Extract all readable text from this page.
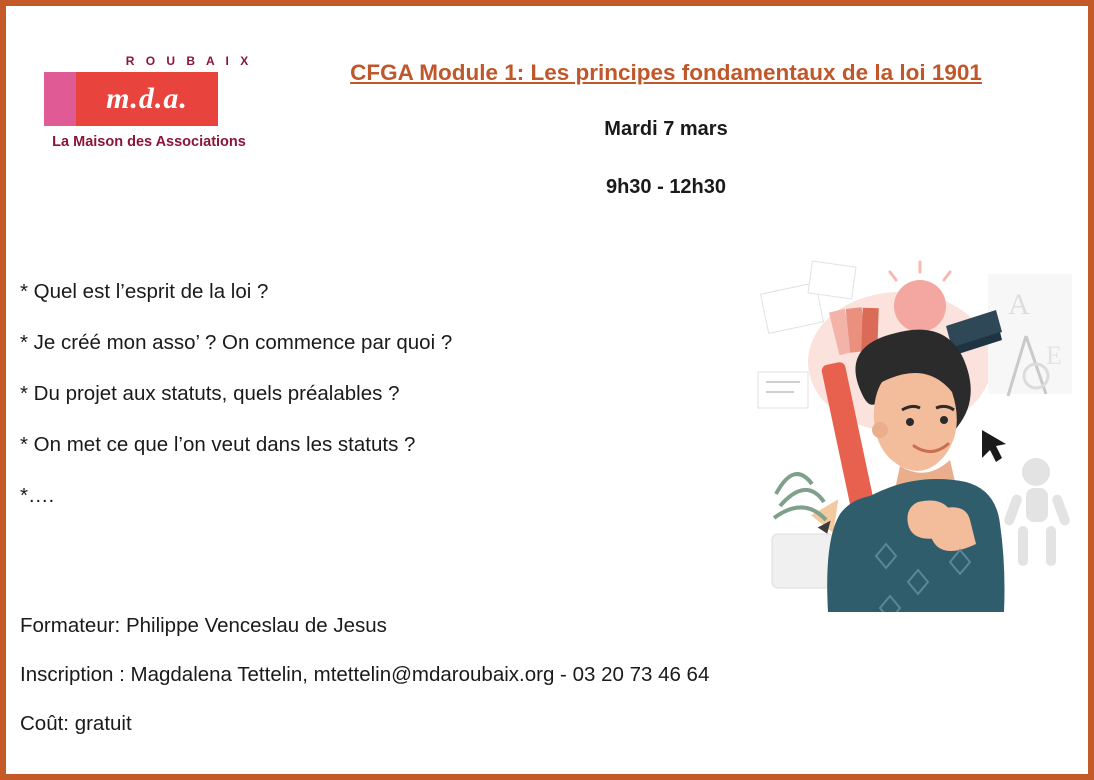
R O U B A I X
m.d.a.
La Maison des Associations
CFGA Module 1: Les principes fondamentaux de la loi 1901
Mardi 7 mars
9h30 - 12h30
* Quel est l’esprit de la loi ?
* Je créé mon asso’ ? On commence par quoi ?
* Du projet aux statuts, quels préalables ?
* On met ce que l’on veut dans les statuts ?
*….
Formateur: Philippe Venceslau de Jesus
Inscription : Magdalena Tettelin, mtettelin@mdaroubaix.org - 03 20 73 46 64
Coût: gratuit
A
E
